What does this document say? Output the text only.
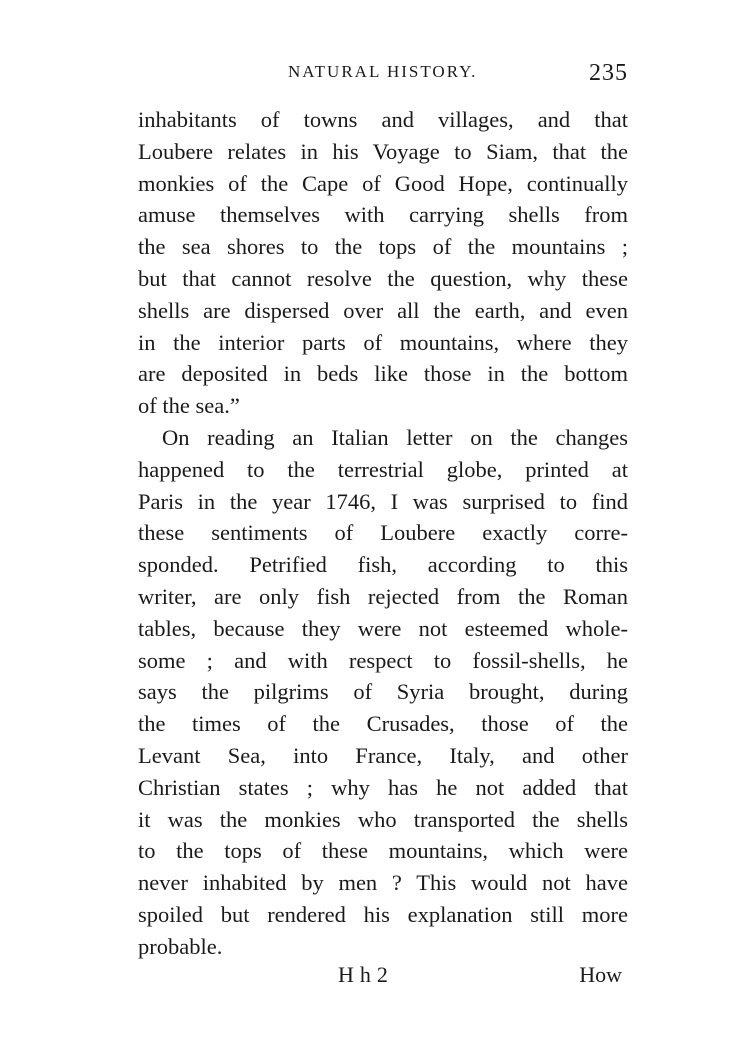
NATURAL HISTORY.	235
inhabitants of towns and villages, and that
Loubere relates in his Voyage to Siam, that the
monkies of the Cape of Good Hope, continually
amuse themselves with carrying shells from
the sea shores to the tops of the mountains ;
but that cannot resolve the question, why these
shells are dispersed over all the earth, and even
in the interior parts of mountains, where they
are deposited in beds like those in the bottom
of the sea.”
On reading an Italian letter on the changes
happened to the terrestrial globe, printed at
Paris in the year 1746, I was surprised to find
these sentiments of Loubere exactly corre-
sponded. Petrified fish, according to this
writer, are only fish rejected from the Roman
tables, because they were not esteemed whole-
some ; and with respect to fossil-shells, he
says the pilgrims of Syria brought, during
the times of the Crusades, those of the
Levant Sea, into France, Italy, and other
Christian states ; why has he not added that
it was the monkies who transported the shells
to the tops of these mountains, which were
never inhabited by men ? This would not have
spoiled but rendered his explanation still more
probable.
Hh2	How
